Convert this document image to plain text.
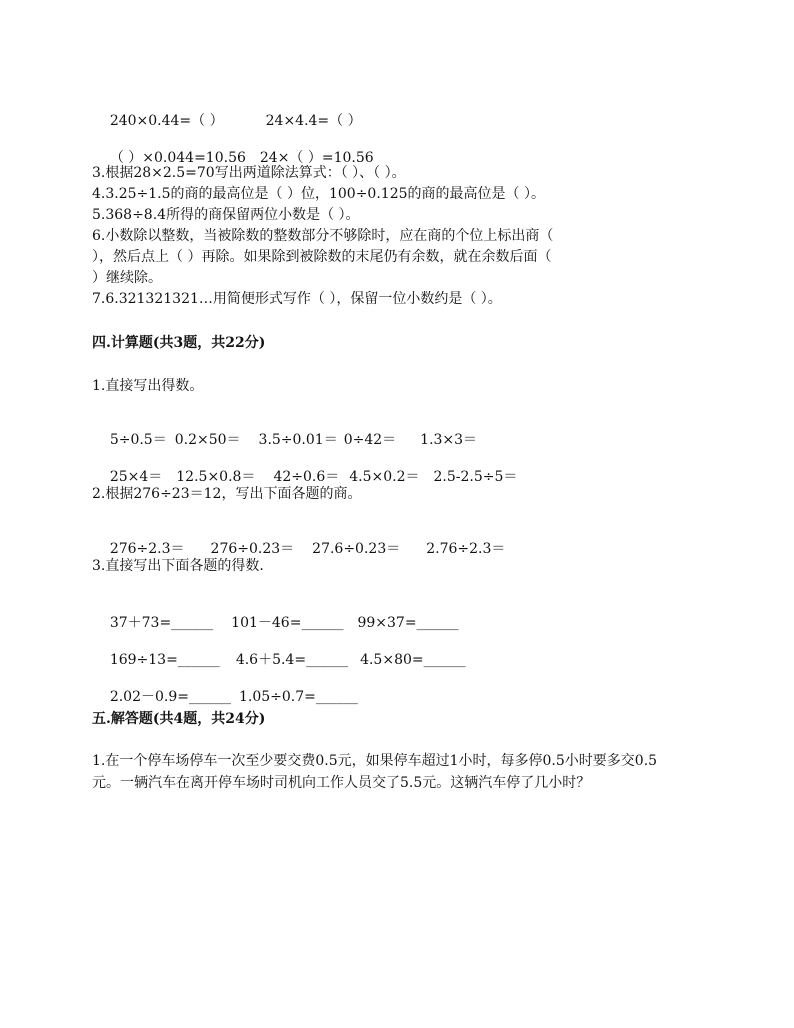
240×0.44=（ ）	24×4.4=（ ）

（ ）×0.044=10.56 24×（ ）=10.56

3.根据28×2.5=70写出两道除法算式：（ ）、（ ）。
4.3.25÷1.5的商的最高位是（ ）位，100÷0.125的商的最高位是（ ）。
5.368÷8.4所得的商保留两位小数是（ ）。
6.小数除以整数，当被除数的整数部分不够除时，应在商的个位上标出商（
），然后点上（ ）再除。如果除到被除数的末尾仍有余数，就在余数后面（
）继续除。
7.6.321321321…用简便形式写作（ ），保留一位小数约是（ ）。
四.计算题(共3题，共22分)
1.直接写出得数。

5÷0.5＝ 0.2×50＝ 3.5÷0.01＝ 0÷42＝ 1.3×3＝

25×4＝ 12.5×0.8＝ 42÷0.6＝ 4.5×0.2＝ 2.5-2.5÷5＝

2.根据276÷23＝12，写出下面各题的商。

276÷2.3＝ 276÷0.23＝ 27.6÷0.23＝ 2.76÷2.3＝

3.直接写出下面各题的得数.

37＋73=______ 101－46=______ 99×37=______

169÷13=______ 4.6＋5.4=______ 4.5×80=______

2.02－0.9=______ 1.05÷0.7=______

五.解答题(共4题，共24分)
1.在一个停车场停车一次至少要交费0.5元，如果停车超过1小时，每多停0.5小时要多交0.5
元。一辆汽车在离开停车场时司机向工作人员交了5.5元。这辆汽车停了几小时？
